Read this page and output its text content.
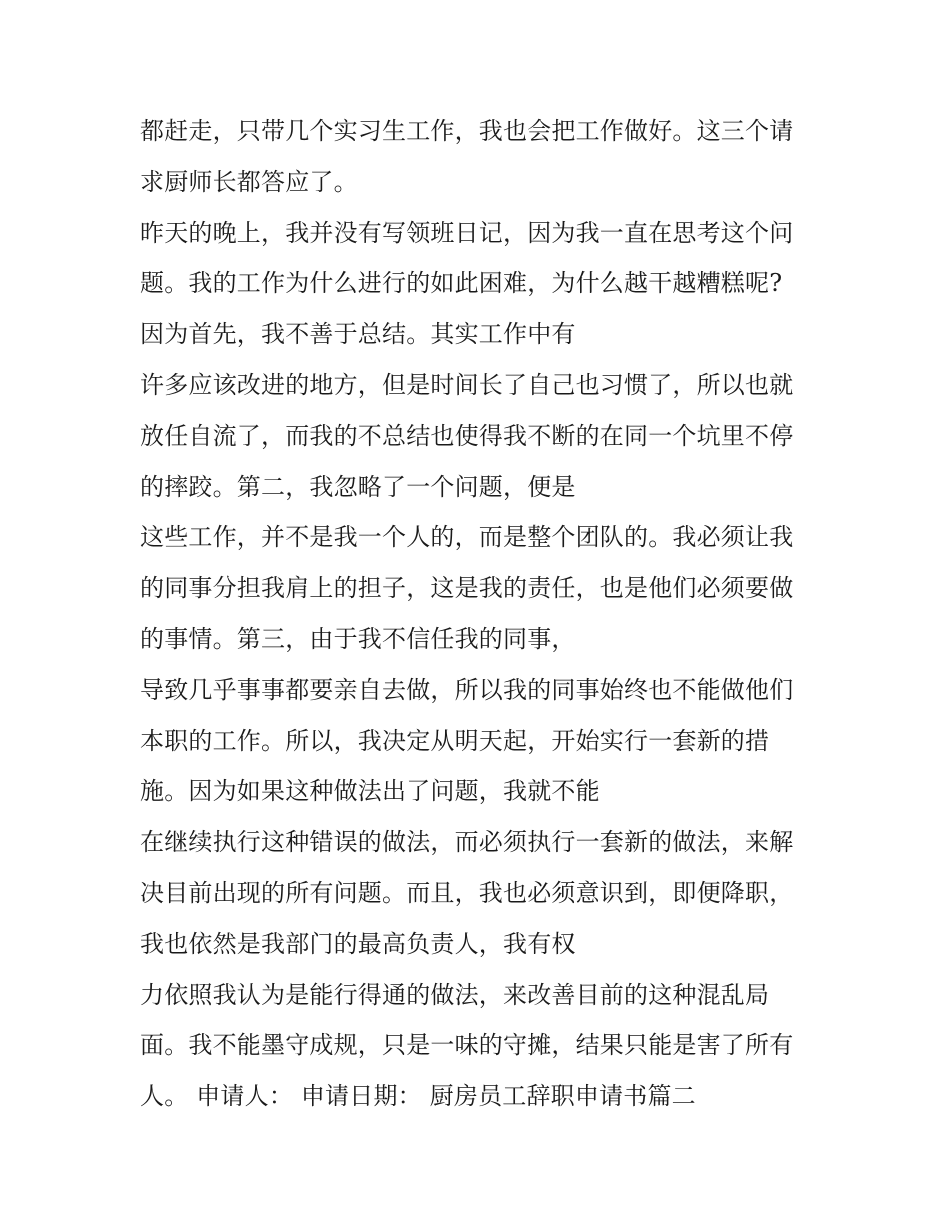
都赶走，只带几个实习生工作，我也会把工作做好。这三个请
求厨师长都答应了。
昨天的晚上，我并没有写领班日记，因为我一直在思考这个问
题。我的工作为什么进行的如此困难，为什么越干越糟糕呢?
因为首先，我不善于总结。其实工作中有
许多应该改进的地方，但是时间长了自己也习惯了，所以也就
放任自流了，而我的不总结也使得我不断的在同一个坑里不停
的摔跤。第二，我忽略了一个问题，便是
这些工作，并不是我一个人的，而是整个团队的。我必须让我
的同事分担我肩上的担子，这是我的责任，也是他们必须要做
的事情。第三，由于我不信任我的同事，
导致几乎事事都要亲自去做，所以我的同事始终也不能做他们
本职的工作。所以，我决定从明天起，开始实行一套新的措
施。因为如果这种做法出了问题，我就不能
在继续执行这种错误的做法，而必须执行一套新的做法，来解
决目前出现的所有问题。而且，我也必须意识到，即便降职，
我也依然是我部门的最高负责人，我有权
力依照我认为是能行得通的做法，来改善目前的这种混乱局
面。我不能墨守成规，只是一味的守摊，结果只能是害了所有
人。 申请人： 申请日期： 厨房员工辞职申请书篇二
